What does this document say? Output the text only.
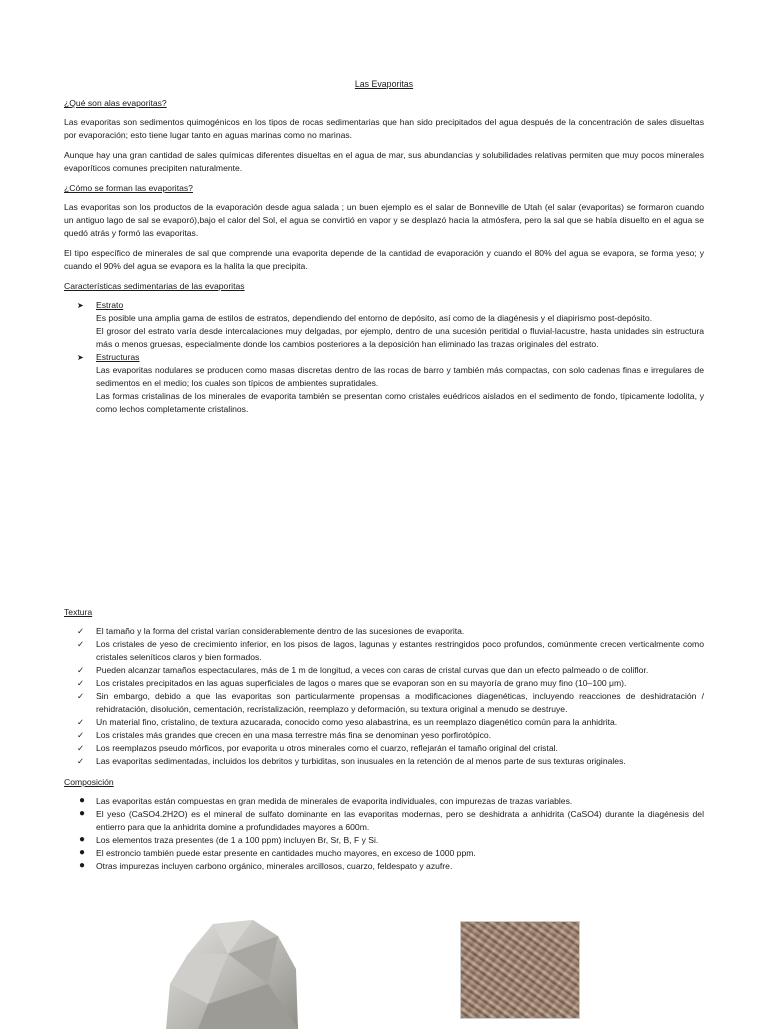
Las Evaporitas
¿Qué son alas evaporitas?

Las evaporitas son sedimentos quimogénicos en los tipos de rocas sedimentarias que han sido precipitados del agua después de la concentración de sales disueltas por evaporación; esto tiene lugar tanto en aguas marinas como no marinas.

Aunque hay una gran cantidad de sales químicas diferentes disueltas en el agua de mar, sus abundancias y solubilidades relativas permiten que muy pocos minerales evaporíticos comunes precipiten naturalmente.

¿Cómo se forman las evaporitas?

Las evaporitas son los productos de la evaporación desde agua salada ; un buen ejemplo es el salar de Bonneville de Utah (el salar (evaporitas) se formaron cuando un antiguo lago de sal se evaporó),bajo el calor del Sol, el agua se convirtió en vapor y se desplazó hacia la atmósfera, pero la sal que se había disuelto en el agua se quedó atrás y formó las evaporitas.

El tipo específico de minerales de sal que comprende una evaporita depende de la cantidad de evaporación y cuando el 80% del agua se evapora, se forma yeso; y cuando el 90% del agua se evapora es la halita la que precipita.

Características sedimentarias de las evaporitas
➤ Estrato
Es posible una amplia gama de estilos de estratos, dependiendo del entorno de depósito, así como de la diagénesis y el diapirismo post-depósito.
El grosor del estrato varía desde intercalaciones muy delgadas, por ejemplo, dentro de una sucesión peritidal o fluvial-lacustre, hasta unidades sin estructura más o menos gruesas, especialmente donde los cambios posteriores a la deposición han eliminado las trazas originales del estrato.
➤ Estructuras
Las evaporitas nodulares se producen como masas discretas dentro de las rocas de barro y también más compactas, con solo cadenas finas e irregulares de sedimentos en el medio; los cuales son típicos de ambientes supratidales.
Las formas cristalinas de los minerales de evaporita también se presentan como cristales euédricos aislados en el sedimento de fondo, típicamente lodolita, y como lechos completamente cristalinos.
Textura
✓ El tamaño y la forma del cristal varían considerablemente dentro de las sucesiones de evaporita.
✓ Los cristales de yeso de crecimiento inferior, en los pisos de lagos, lagunas y estantes restringidos poco profundos, comúnmente crecen verticalmente como cristales seleníticos claros y bien formados.
✓ Pueden alcanzar tamaños espectaculares, más de 1 m de longitud, a veces con caras de cristal curvas que dan un efecto palmeado o de coliflor.
✓ Los cristales precipitados en las aguas superficiales de lagos o mares que se evaporan son en su mayoría de grano muy fino (10–100 μm).
✓ Sin embargo, debido a que las evaporitas son particularmente propensas a modificaciones diagenéticas, incluyendo reacciones de deshidratación / rehidratación, disolución, cementación, recristalización, reemplazo y deformación, su textura original a menudo se destruye.
✓ Un material fino, cristalino, de textura azucarada, conocido como yeso alabastrina, es un reemplazo diagenético común para la anhidrita.
✓ Los cristales más grandes que crecen en una masa terrestre más fina se denominan yeso porfirotópico.
✓ Los reemplazos pseudo mórficos, por evaporita u otros minerales como el cuarzo, reflejarán el tamaño original del cristal.
✓ Las evaporitas sedimentadas, incluidos los debritos y turbiditas, son inusuales en la retención de al menos parte de sus texturas originales.
Composición
● Las evaporitas están compuestas en gran medida de minerales de evaporita individuales, con impurezas de trazas variables.
● El yeso (CaSO4.2H2O) es el mineral de sulfato dominante en las evaporitas modernas, pero se deshidrata a anhidrita (CaSO4) durante la diagénesis del entierro para que la anhidrita domine a profundidades mayores a 600m.
● Los elementos traza presentes (de 1 a 100 ppm) incluyen Br, Sr, B, F y Si.
● El estroncio también puede estar presente en cantidades mucho mayores, en exceso de 1000 ppm.
● Otras impurezas incluyen carbono orgánico, minerales arcillosos, cuarzo, feldespato y azufre.
